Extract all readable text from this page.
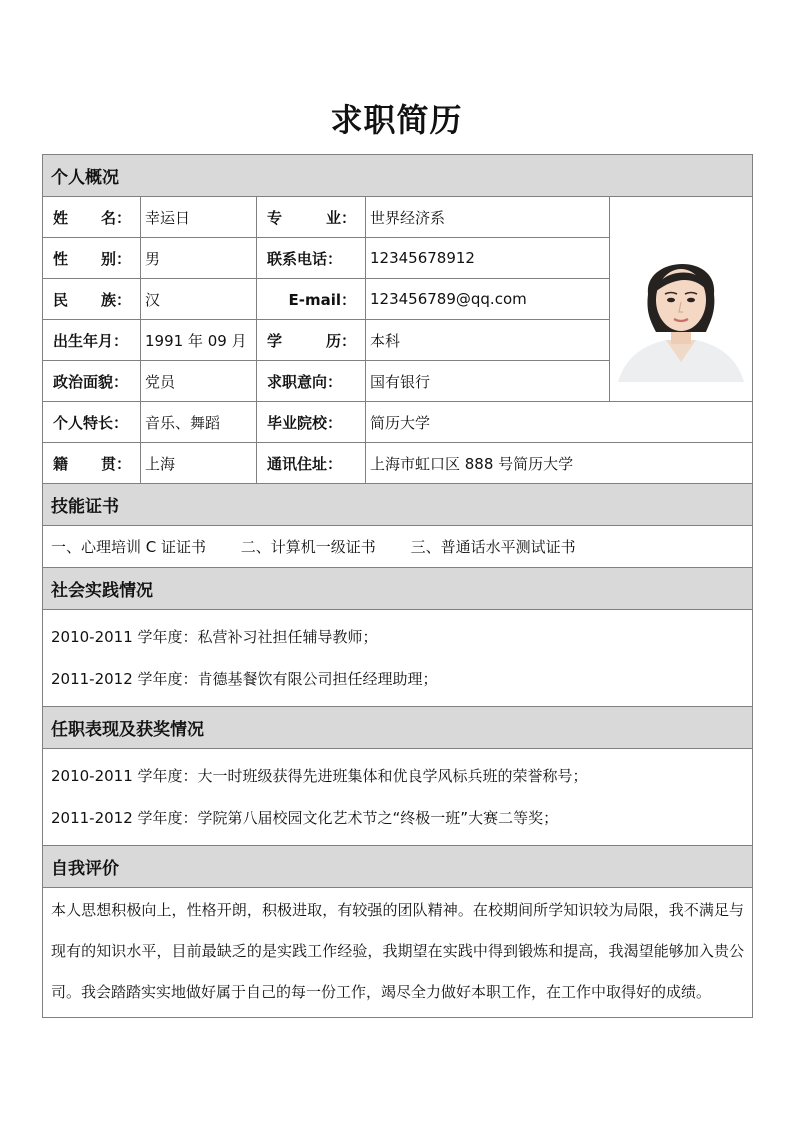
求职简历
个人概况				

姓 名：	幸运日	专 业：	世界经济系	

性 别：	男	联系电话：	12345678912	

民 族：	汉	E-mail：	123456789@qq.com	

出生年月：	1991 年 09 月	学 历：	本科	

政治面貌：	党员	求职意向：	国有银行	

个人特长：	音乐、舞蹈	毕业院校：	简历大学	

籍 贯：	上海	通讯住址：	上海市虹口区 888 号简历大学	
技能证书				
一、心理培训 C 证证书 二、计算机一级证书 三、普通话水平测试证书				
社会实践情况				

2010-2011 学年度：私营补习社担任辅导教师；
2011-2012 学年度：肯德基餐饮有限公司担任经理助理；				

任职表现及获奖情况				

2010-2011 学年度：大一时班级获得先进班集体和优良学风标兵班的荣誉称号；
2011-2012 学年度：学院第八届校园文化艺术节之“终极一班”大赛二等奖；				

自我评价				

本人思想积极向上，性格开朗，积极进取，有较强的团队精神。在校期间所学知识较为局限，我不满足与现有的知识水平，目前最缺乏的是实践工作经验，我期望在实践中得到锻炼和提高，我渴望能够加入贵公司。我会踏踏实实地做好属于自己的每一份工作，竭尽全力做好本职工作，在工作中取得好的成绩。				
